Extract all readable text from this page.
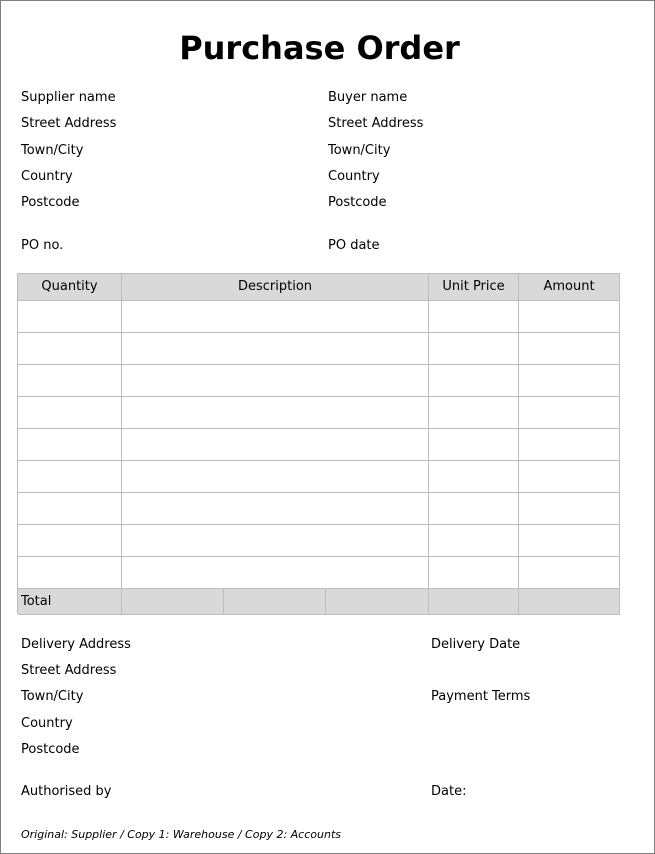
Purchase Order
Supplier name
Street Address
Town/City
Country
Postcode
Buyer name
Street Address
Town/City
Country
Postcode
PO no.	PO date
Quantity	Description	Unit Price	Amount
Total
Delivery Address
Street Address
Town/City
Country
Postcode
Delivery Date
Payment Terms
Authorised by	Date:
Original: Supplier / Copy 1: Warehouse / Copy 2: Accounts
